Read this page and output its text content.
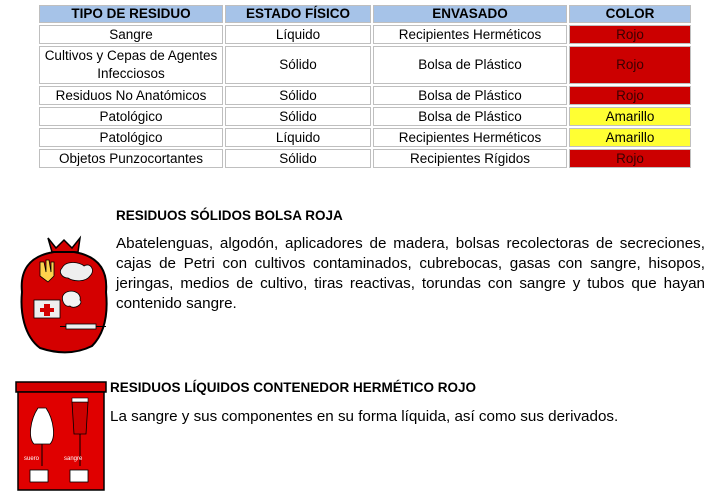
TIPO DE RESIDUO	ESTADO FÍSICO	ENVASADO	COLOR
Sangre	Líquido	Recipientes Herméticos	Rojo
Cultivos y Cepas de Agentes Infecciosos	Sólido	Bolsa de Plástico	Rojo
Residuos No Anatómicos	Sólido	Bolsa de Plástico	Rojo
Patológico	Sólido	Bolsa de Plástico	Amarillo
Patológico	Líquido	Recipientes Herméticos	Amarillo
Objetos Punzocortantes	Sólido	Recipientes Rígidos	Rojo
RESIDUOS SÓLIDOS BOLSA ROJA
Abatelenguas, algodón, aplicadores de madera, bolsas recolectoras de secreciones, cajas de Petri con cultivos contaminados, cubrebocas, gasas con sangre, hisopos, jeringas, medios de cultivo, tiras reactivas, torundas con sangre y tubos que hayan contenido sangre.
suero	sangre
RESIDUOS LÍQUIDOS CONTENEDOR HERMÉTICO ROJO
La sangre y sus componentes en su forma líquida, así como sus derivados.
